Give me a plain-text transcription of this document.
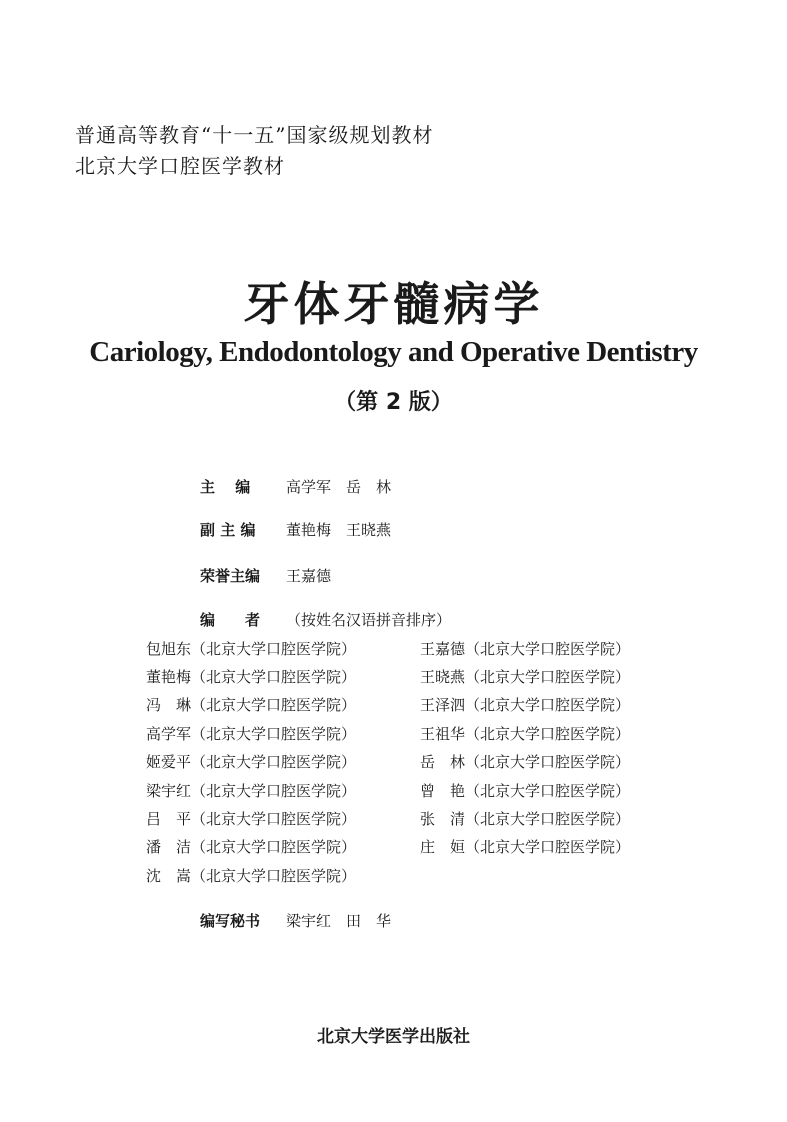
普通高等教育“十一五”国家级规划教材
北京大学口腔医学教材
牙体牙髓病学
Cariology, Endodontology and Operative Dentistry
（第 2 版）
主　 编 高学军　岳　林
副 主 编 董艳梅　王晓燕
荣誉主编 王嘉德
编　　者 （按姓名汉语拼音排序）
包旭东（北京大学口腔医学院）
董艳梅（北京大学口腔医学院）
冯　琳（北京大学口腔医学院）
高学军（北京大学口腔医学院）
姬爱平（北京大学口腔医学院）
梁宇红（北京大学口腔医学院）
吕　平（北京大学口腔医学院）
潘　洁（北京大学口腔医学院）
沈　嵩（北京大学口腔医学院）
王嘉德（北京大学口腔医学院）
王晓燕（北京大学口腔医学院）
王泽泗（北京大学口腔医学院）
王祖华（北京大学口腔医学院）
岳　林（北京大学口腔医学院）
曾　艳（北京大学口腔医学院）
张　清（北京大学口腔医学院）
庄　姮（北京大学口腔医学院）
编写秘书 梁宇红　田　华
北京大学医学出版社
